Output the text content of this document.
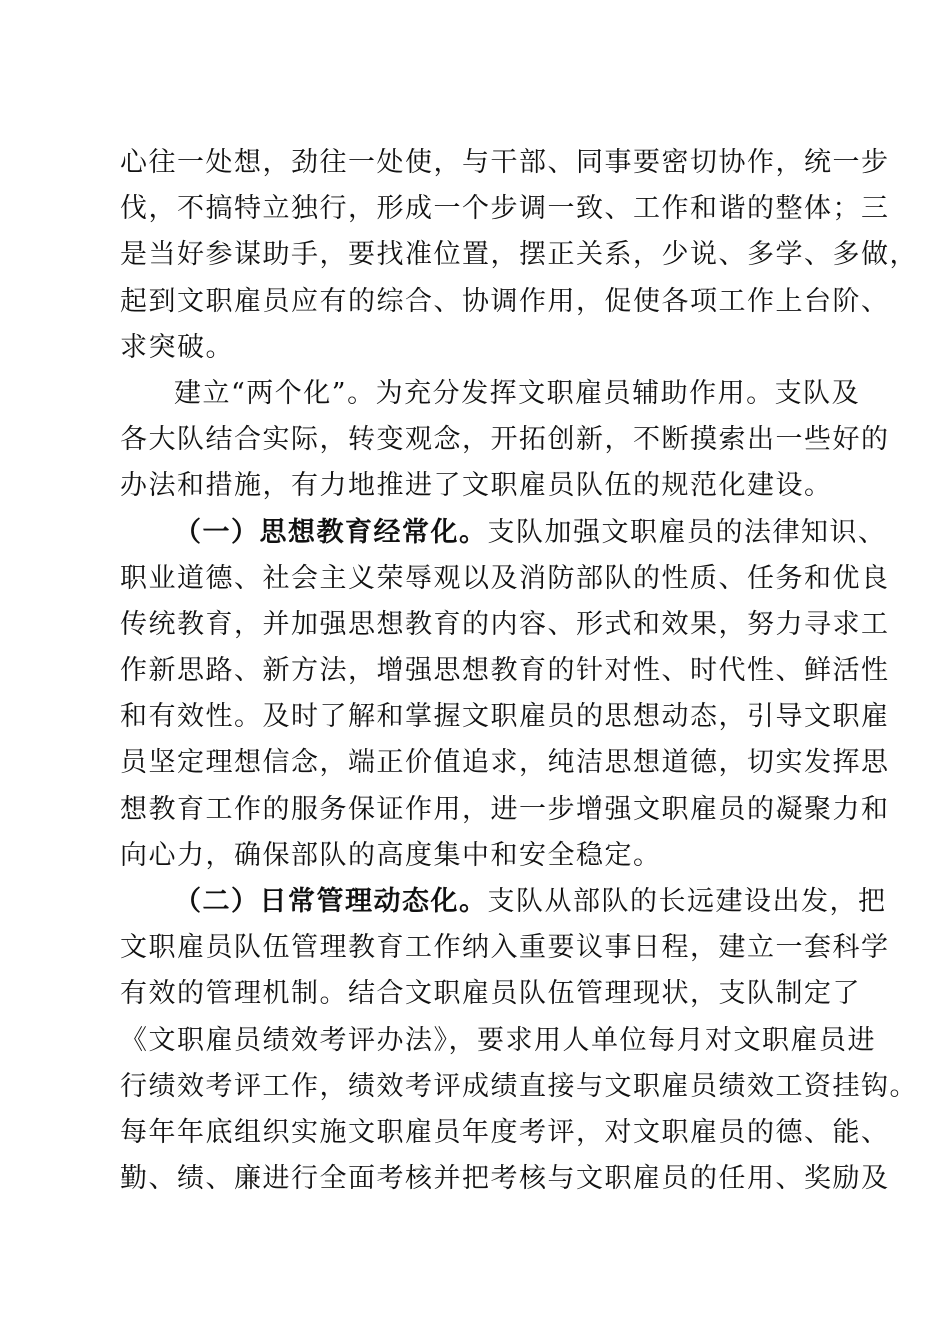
心往一处想，劲往一处使，与干部、同事要密切协作，统一步
伐，不搞特立独行，形成一个步调一致、工作和谐的整体；三
是当好参谋助手，要找准位置，摆正关系，少说、多学、多做，
起到文职雇员应有的综合、协调作用，促使各项工作上台阶、
求突破。
建立“两个化”。为充分发挥文职雇员辅助作用。支队及
各大队结合实际，转变观念，开拓创新，不断摸索出一些好的
办法和措施，有力地推进了文职雇员队伍的规范化建设。
（一）思想教育经常化。支队加强文职雇员的法律知识、
职业道德、社会主义荣辱观以及消防部队的性质、任务和优良
传统教育，并加强思想教育的内容、形式和效果，努力寻求工
作新思路、新方法，增强思想教育的针对性、时代性、鲜活性
和有效性。及时了解和掌握文职雇员的思想动态，引导文职雇
员坚定理想信念，端正价值追求，纯洁思想道德，切实发挥思
想教育工作的服务保证作用，进一步增强文职雇员的凝聚力和
向心力，确保部队的高度集中和安全稳定。
（二）日常管理动态化。支队从部队的长远建设出发，把
文职雇员队伍管理教育工作纳入重要议事日程，建立一套科学
有效的管理机制。结合文职雇员队伍管理现状，支队制定了
《文职雇员绩效考评办法》，要求用人单位每月对文职雇员进
行绩效考评工作，绩效考评成绩直接与文职雇员绩效工资挂钩。
每年年底组织实施文职雇员年度考评，对文职雇员的德、能、
勤、绩、廉进行全面考核并把考核与文职雇员的任用、奖励及
